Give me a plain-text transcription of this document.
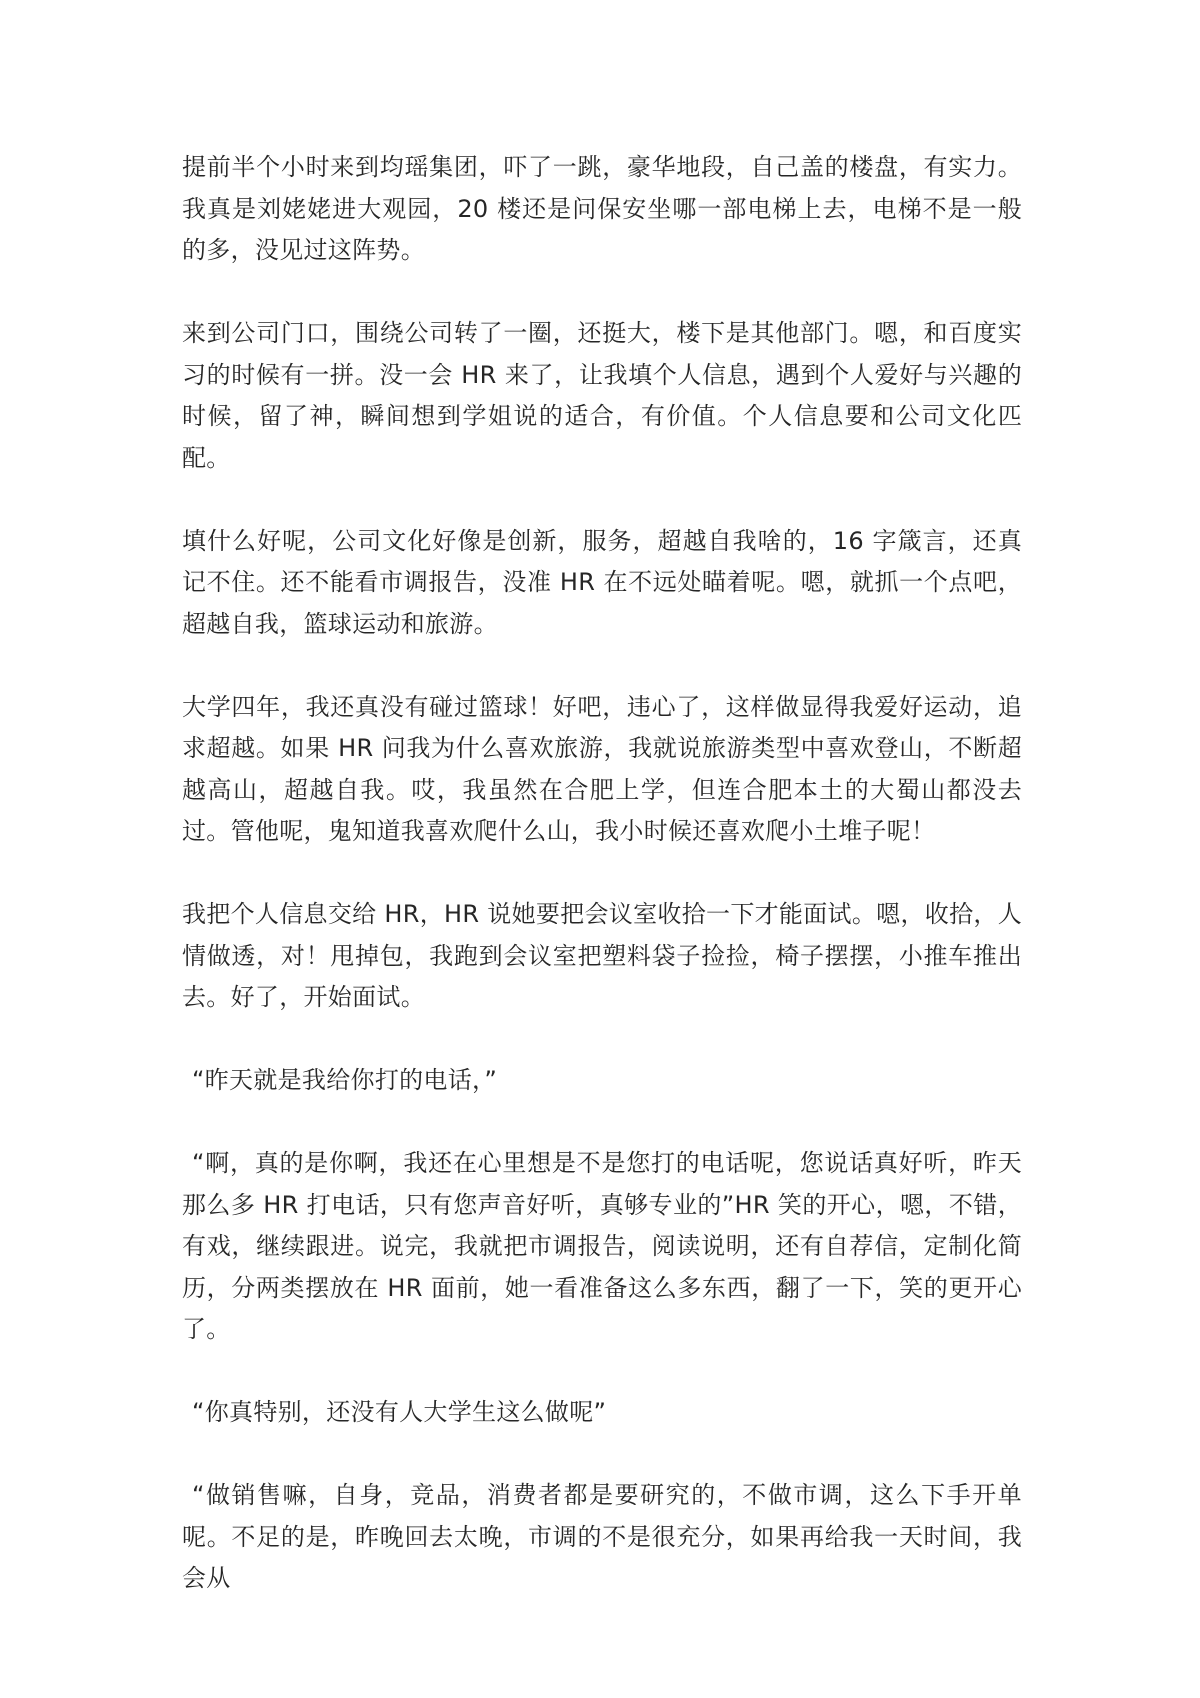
提前半个小时来到均瑶集团，吓了一跳，豪华地段，自己盖的楼盘，有实力。我真是刘姥姥进大观园，20 楼还是问保安坐哪一部电梯上去，电梯不是一般的多，没见过这阵势。

来到公司门口，围绕公司转了一圈，还挺大，楼下是其他部门。嗯，和百度实习的时候有一拼。没一会 HR 来了，让我填个人信息，遇到个人爱好与兴趣的时候，留了神，瞬间想到学姐说的适合，有价值。个人信息要和公司文化匹配。

填什么好呢，公司文化好像是创新，服务，超越自我啥的，16 字箴言，还真记不住。还不能看市调报告，没准 HR 在不远处瞄着呢。嗯，就抓一个点吧，超越自我，篮球运动和旅游。

大学四年，我还真没有碰过篮球！好吧，违心了，这样做显得我爱好运动，追求超越。如果 HR 问我为什么喜欢旅游，我就说旅游类型中喜欢登山，不断超越高山，超越自我。哎，我虽然在合肥上学，但连合肥本土的大蜀山都没去过。管他呢，鬼知道我喜欢爬什么山，我小时候还喜欢爬小土堆子呢！

我把个人信息交给 HR，HR 说她要把会议室收拾一下才能面试。嗯，收拾，人情做透，对！甩掉包，我跑到会议室把塑料袋子捡捡，椅子摆摆，小推车推出去。好了，开始面试。

“昨天就是我给你打的电话，”

“啊，真的是你啊，我还在心里想是不是您打的电话呢，您说话真好听，昨天那么多 HR 打电话，只有您声音好听，真够专业的”HR 笑的开心，嗯，不错，有戏，继续跟进。说完，我就把市调报告，阅读说明，还有自荐信，定制化简历，分两类摆放在 HR 面前，她一看准备这么多东西，翻了一下，笑的更开心了。

“你真特别，还没有人大学生这么做呢”

“做销售嘛，自身，竞品，消费者都是要研究的，不做市调，这么下手开单呢。不足的是，昨晚回去太晚，市调的不是很充分，如果再给我一天时间，我会从
